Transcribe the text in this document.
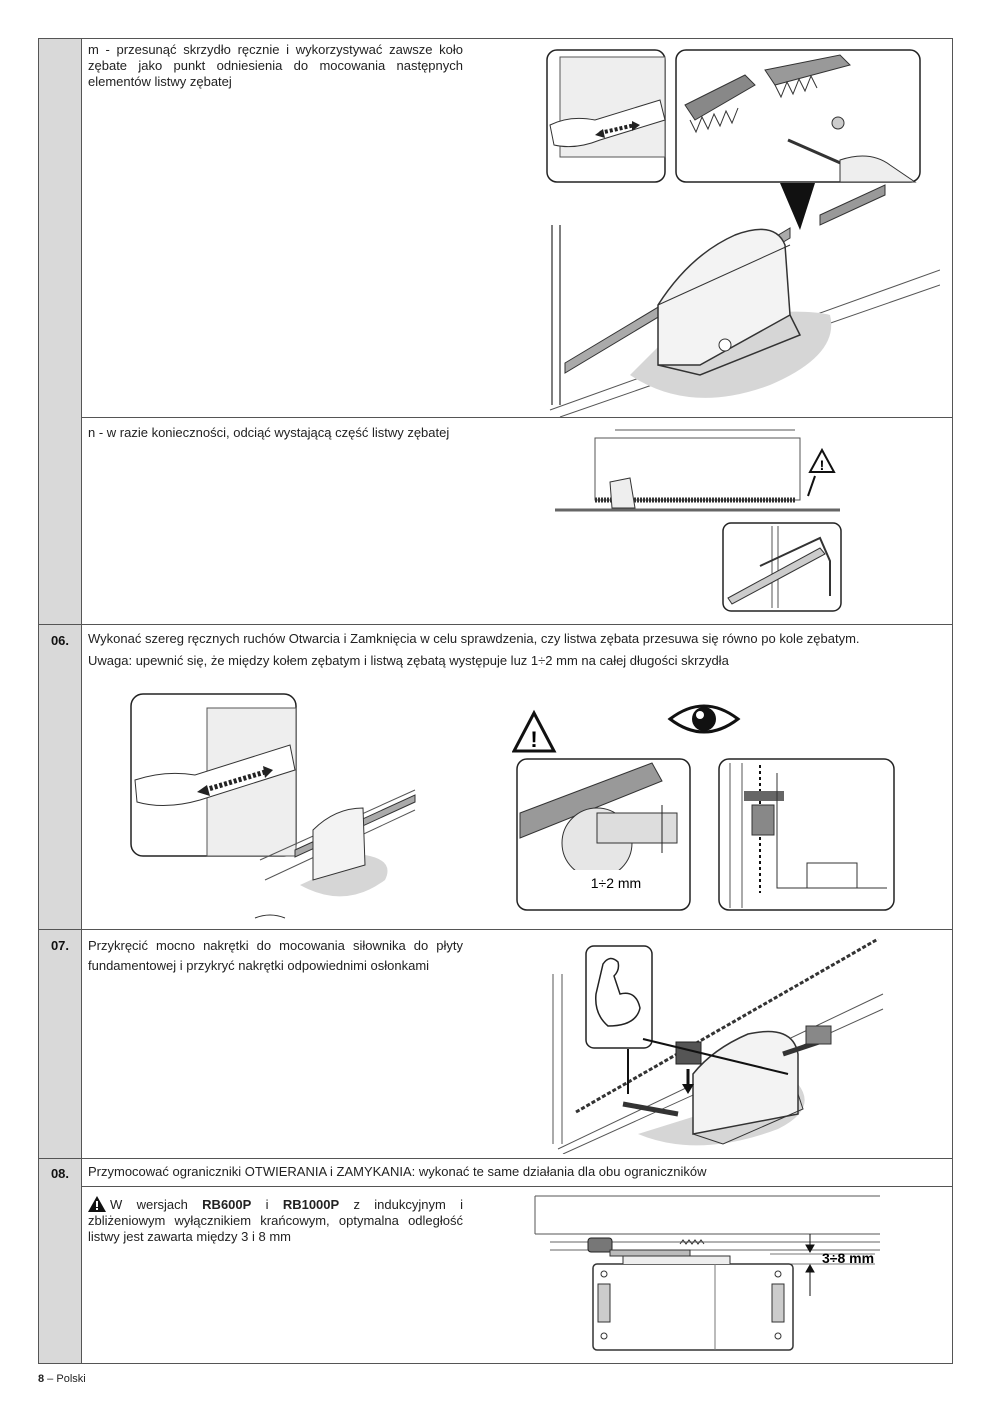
m - przesunąć skrzydło ręcznie i wykorzystywać zawsze koło zębate jako punkt odniesienia do mocowania następnych elementów listwy zębatej
n - w razie konieczności, odciąć wystającą część listwy zębatej
!
06.	Wykonać szereg ręcznych ruchów Otwarcia i Zamknięcia w celu sprawdzenia, czy listwa zębata przesuwa się równo po kole zębatym.
Uwaga: upewnić się, że między kołem zębatym i listwą zębatą występuje luz 1÷2 mm na całej długości skrzydła
!
1÷2 mm
07.	Przykręcić mocno nakrętki do mocowania siłownika do płyty fundamentowej i przykryć nakrętki odpowiednimi osłonkami
08.	Przymocować ograniczniki OTWIERANIA i ZAMYKANIA: wykonać te same działania dla obu ograniczników
W wersjach RB600P i RB1000P z indukcyjnym i zbliżeniowym wyłącznikiem krańcowym, optymalna odległość listwy jest zawarta między 3 i 8 mm
3÷8 mm
8 – Polski
